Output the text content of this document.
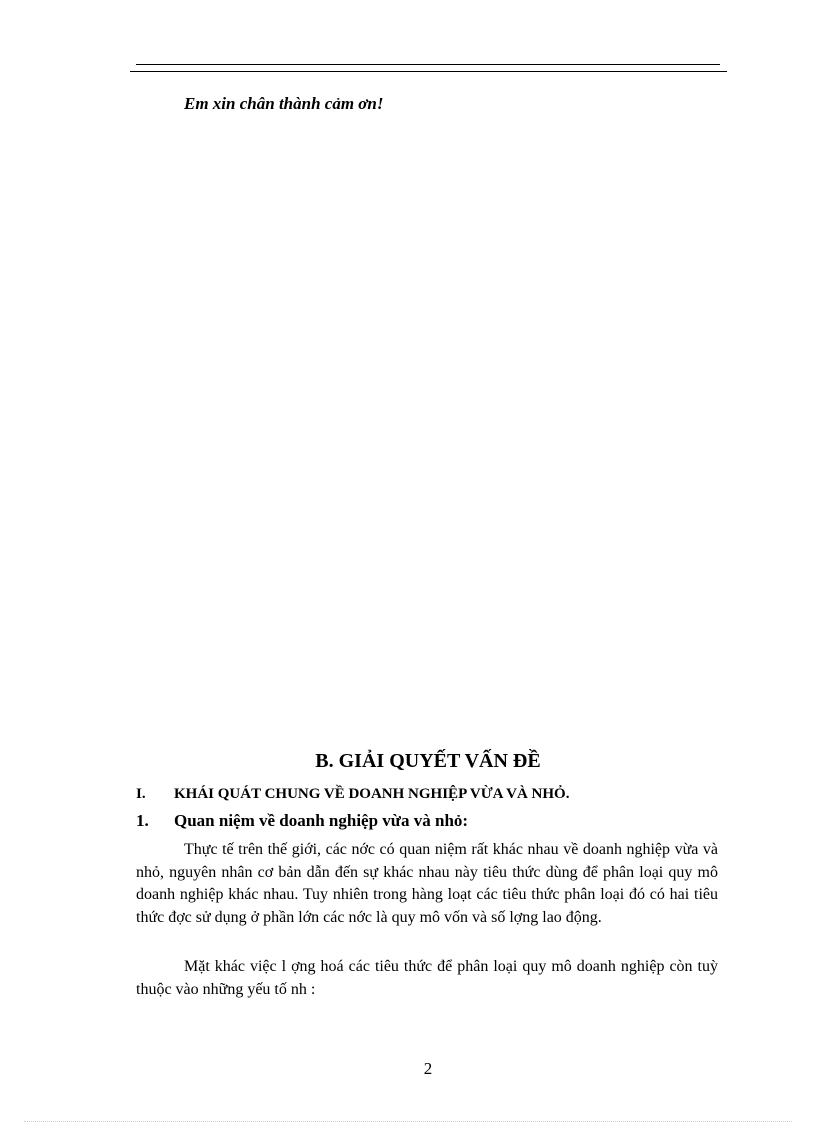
Em xin chân thành cảm ơn!
B. GIẢI QUYẾT VẤN ĐỀ
I. KHÁI QUÁT CHUNG VỀ DOANH NGHIỆP VỪA VÀ NHỎ.
1. Quan niệm về doanh nghiệp vừa và nhỏ:

Thực tế trên thế giới, các nớc có quan niệm rất khác nhau về doanh nghiệp vừa và nhỏ, nguyên nhân cơ bản dẫn đến sự khác nhau này tiêu thức dùng để phân loại quy mô doanh nghiệp khác nhau. Tuy nhiên trong hàng loạt các tiêu thức phân loại đó có hai tiêu thức đợc sử dụng ở phần lớn các nớc là quy mô vốn và số lợng lao động.

Mặt khác việc l ợng hoá các tiêu thức để phân loại quy mô doanh nghiệp còn tuỳ thuộc vào những yếu tố nh :

2
